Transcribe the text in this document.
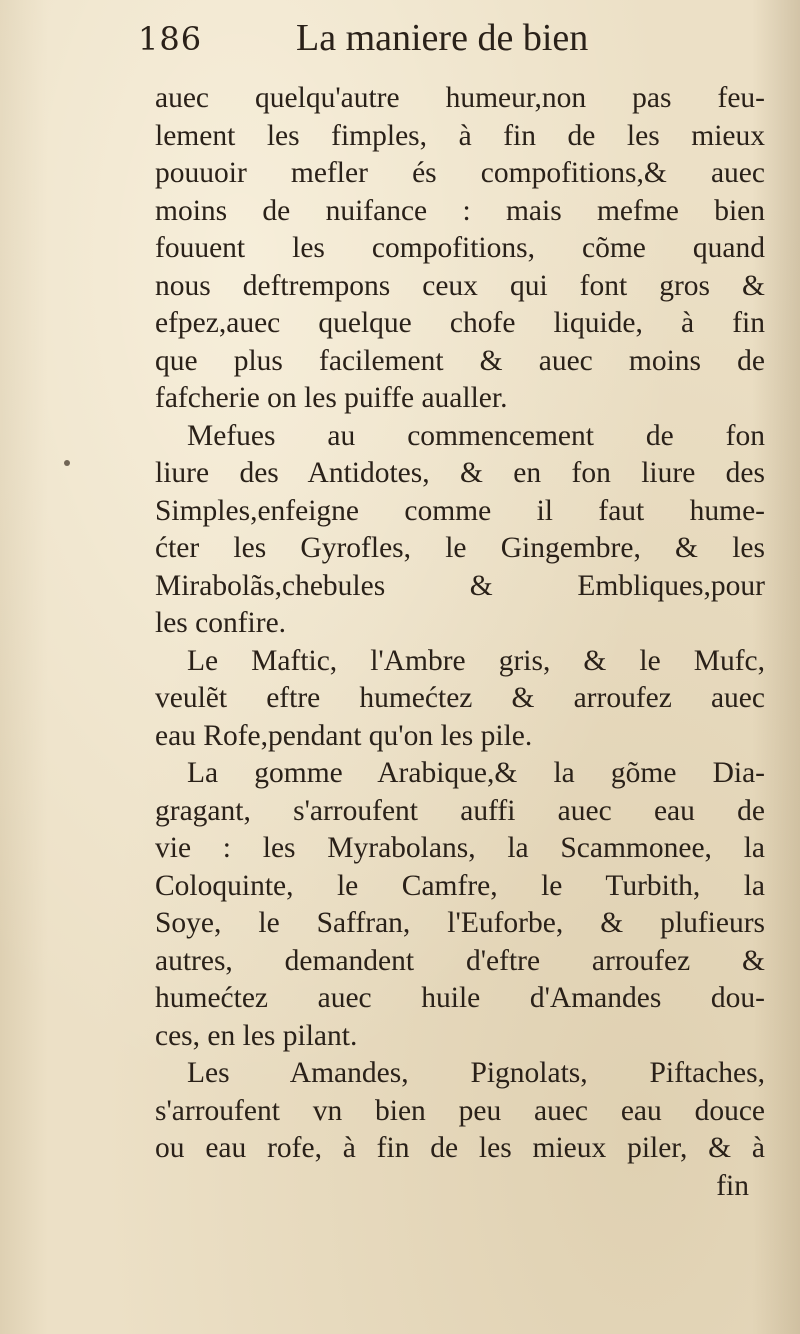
186 La maniere de bien
auec quelqu'autre humeur,non pas feu-
lement les fimples, à fin de les mieux
pouuoir mefler és compofitions,& auec
moins de nuifance : mais mefme bien
fouuent les compofitions, cõme quand
nous deftrempons ceux qui font gros &
efpez,auec quelque chofe liquide, à fin
que plus facilement & auec moins de
fafcherie on les puiffe aualler.
Mefues au commencement de fon
liure des Antidotes, & en fon liure des
Simples,enfeigne comme il faut hume-
ćter les Gyrofles, le Gingembre, & les
Mirabolãs,chebules & Embliques,pour
les confire.
Le Maftic, l'Ambre gris, & le Mufc,
veulẽt eftre humećtez & arroufez auec
eau Rofe,pendant qu'on les pile.
La gomme Arabique,& la gõme Dia-
gragant, s'arroufent auffi auec eau de
vie : les Myrabolans, la Scammonee, la
Coloquinte, le Camfre, le Turbith, la
Soye, le Saffran, l'Euforbe, & plufieurs
autres, demandent d'eftre arroufez &
humećtez auec huile d'Amandes dou-
ces, en les pilant.
Les Amandes, Pignolats, Piftaches,
s'arroufent vn bien peu auec eau douce
ou eau rofe, à fin de les mieux piler, & à
fin
